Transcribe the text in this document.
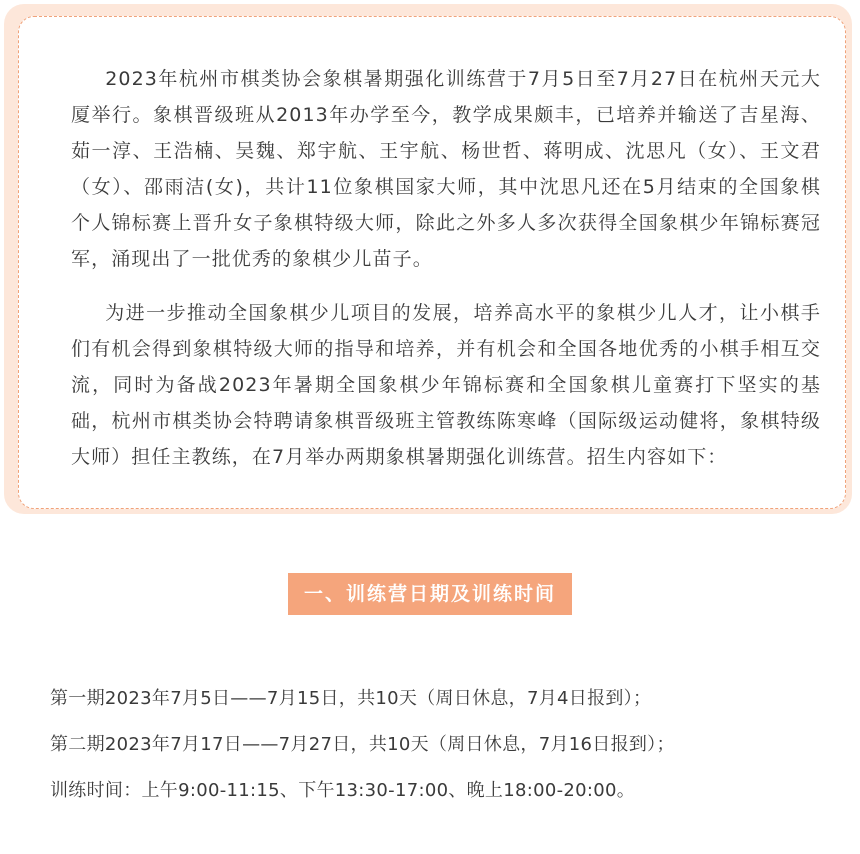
2023年杭州市棋类协会象棋暑期强化训练营于7月5日至7月27日在杭州天元大厦举行。象棋晋级班从2013年办学至今，教学成果颇丰，已培养并输送了吉星海、茹一淳、王浩楠、吴魏、郑宇航、王宇航、杨世哲、蒋明成、沈思凡（女）、王文君（女）、邵雨洁(女)，共计11位象棋国家大师，其中沈思凡还在5月结束的全国象棋个人锦标赛上晋升女子象棋特级大师，除此之外多人多次获得全国象棋少年锦标赛冠军，涌现出了一批优秀的象棋少儿苗子。

为进一步推动全国象棋少儿项目的发展，培养高水平的象棋少儿人才，让小棋手们有机会得到象棋特级大师的指导和培养，并有机会和全国各地优秀的小棋手相互交流，同时为备战2023年暑期全国象棋少年锦标赛和全国象棋儿童赛打下坚实的基础，杭州市棋类协会特聘请象棋晋级班主管教练陈寒峰（国际级运动健将，象棋特级大师）担任主教练，在7月举办两期象棋暑期强化训练营。招生内容如下：

一、训练营日期及训练时间
第一期2023年7月5日——7月15日，共10天（周日休息，7月4日报到）；
第二期2023年7月17日——7月27日，共10天（周日休息，7月16日报到）；
训练时间：上午9:00-11:15、下午13:30-17:00、晚上18:00-20:00。
